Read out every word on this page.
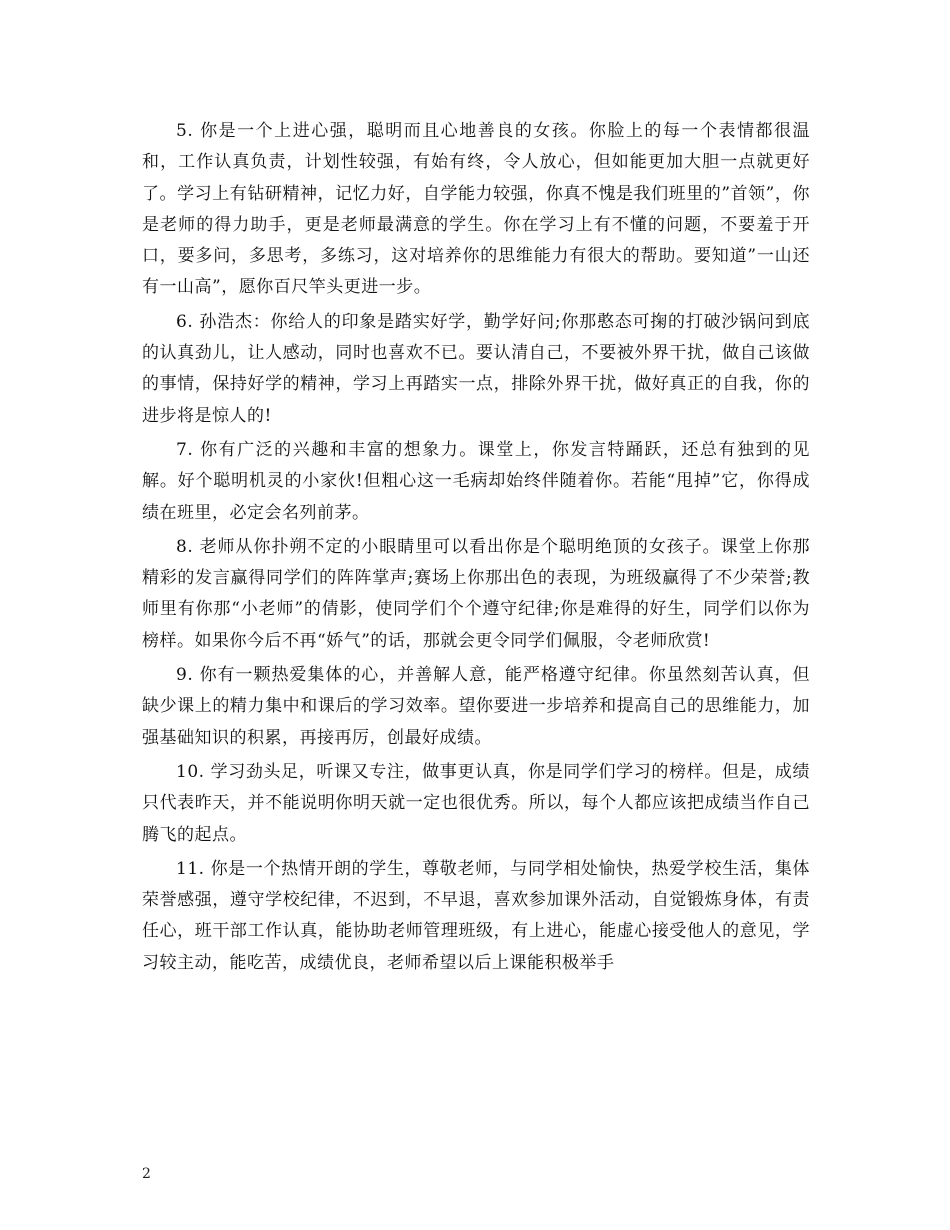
5. 你是一个上进心强，聪明而且心地善良的女孩。你脸上的每一个表情都很温和，工作认真负责，计划性较强，有始有终，令人放心，但如能更加大胆一点就更好了。学习上有钻研精神，记忆力好，自学能力较强，你真不愧是我们班里的”首领”，你是老师的得力助手，更是老师最满意的学生。你在学习上有不懂的问题，不要羞于开口，要多问，多思考，多练习，这对培养你的思维能力有很大的帮助。要知道”一山还有一山高”，愿你百尺竿头更进一步。

6. 孙浩杰：你给人的印象是踏实好学，勤学好问;你那憨态可掬的打破沙锅问到底的认真劲儿，让人感动，同时也喜欢不已。要认清自己，不要被外界干扰，做自己该做的事情，保持好学的精神，学习上再踏实一点，排除外界干扰，做好真正的自我，你的进步将是惊人的!

7. 你有广泛的兴趣和丰富的想象力。课堂上，你发言特踊跃，还总有独到的见解。好个聪明机灵的小家伙!但粗心这一毛病却始终伴随着你。若能“甩掉”它，你得成绩在班里，必定会名列前茅。

8. 老师从你扑朔不定的小眼睛里可以看出你是个聪明绝顶的女孩子。课堂上你那精彩的发言赢得同学们的阵阵掌声;赛场上你那出色的表现，为班级赢得了不少荣誉;教师里有你那“小老师”的倩影，使同学们个个遵守纪律;你是难得的好生，同学们以你为榜样。如果你今后不再“娇气”的话，那就会更令同学们佩服，令老师欣赏!

9. 你有一颗热爱集体的心，并善解人意，能严格遵守纪律。你虽然刻苦认真，但缺少课上的精力集中和课后的学习效率。望你要进一步培养和提高自己的思维能力，加强基础知识的积累，再接再厉，创最好成绩。

10. 学习劲头足，听课又专注，做事更认真，你是同学们学习的榜样。但是，成绩只代表昨天，并不能说明你明天就一定也很优秀。所以，每个人都应该把成绩当作自己腾飞的起点。

11. 你是一个热情开朗的学生，尊敬老师，与同学相处愉快，热爱学校生活，集体荣誉感强，遵守学校纪律，不迟到，不早退，喜欢参加课外活动，自觉锻炼身体，有责任心，班干部工作认真，能协助老师管理班级，有上进心，能虚心接受他人的意见，学习较主动，能吃苦，成绩优良，老师希望以后上课能积极举手

2
